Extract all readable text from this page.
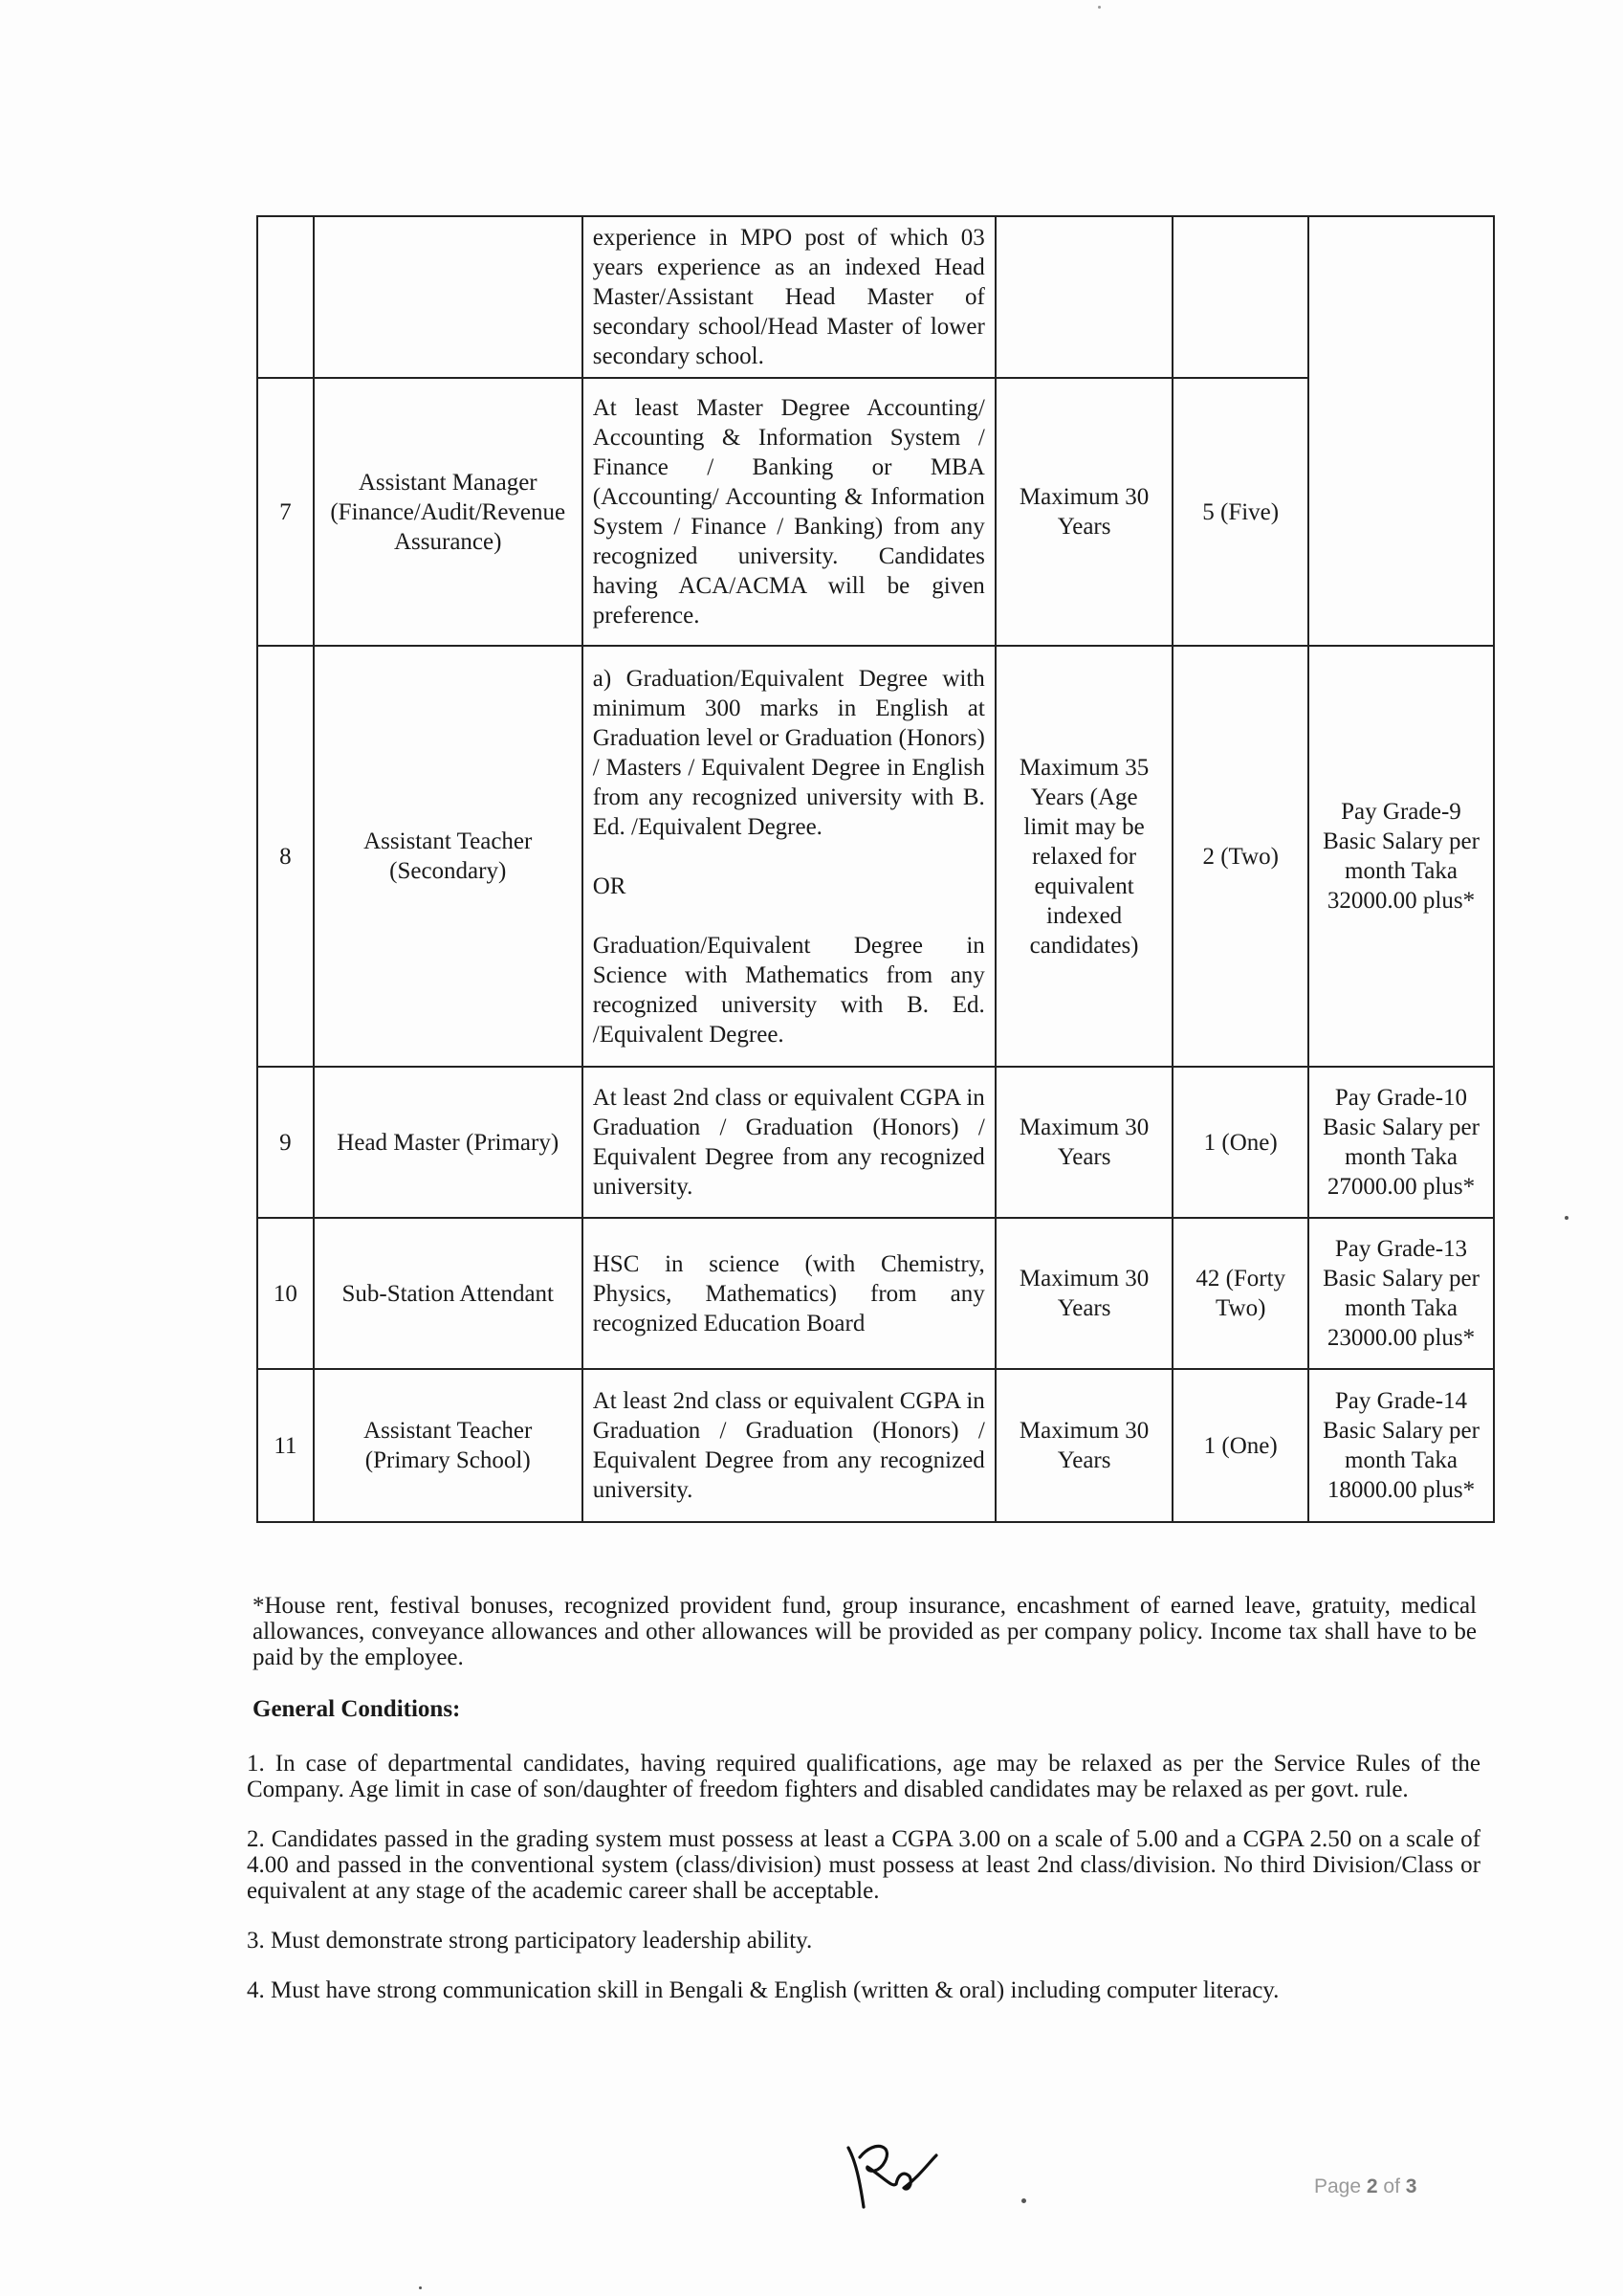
		experience in MPO post of which 03 years experience as an indexed Head Master/Assistant Head Master of secondary school/Head Master of lower secondary school.			
7	Assistant Manager (Finance/Audit/Revenue Assurance)	At least Master Degree Accounting/ Accounting & Information System / Finance / Banking or MBA (Accounting/ Accounting & Information System / Finance / Banking) from any recognized university. Candidates having ACA/ACMA will be given preference.	Maximum 30 Years	5 (Five)	
8	Assistant Teacher (Secondary)	a) Graduation/Equivalent Degree with minimum 300 marks in English at Graduation level or Graduation (Honors) / Masters / Equivalent Degree in English from any recognized university with B. Ed. /Equivalent Degree.

OR

Graduation/Equivalent Degree in Science with Mathematics from any recognized university with B. Ed. /Equivalent Degree.	Maximum 35 Years (Age limit may be relaxed for equivalent indexed candidates)	2 (Two)	Pay Grade-9 Basic Salary per month Taka 32000.00 plus*
9	Head Master (Primary)	At least 2nd class or equivalent CGPA in Graduation / Graduation (Honors) / Equivalent Degree from any recognized university.	Maximum 30 Years	1 (One)	Pay Grade-10 Basic Salary per month Taka 27000.00 plus*
10	Sub-Station Attendant	HSC in science (with Chemistry, Physics, Mathematics) from any recognized Education Board	Maximum 30 Years	42 (Forty Two)	Pay Grade-13 Basic Salary per month Taka 23000.00 plus*
11	Assistant Teacher (Primary School)	At least 2nd class or equivalent CGPA in Graduation / Graduation (Honors) / Equivalent Degree from any recognized university.	Maximum 30 Years	1 (One)	Pay Grade-14 Basic Salary per month Taka 18000.00 plus*

*House rent, festival bonuses, recognized provident fund, group insurance, encashment of earned leave, gratuity, medical allowances, conveyance allowances and other allowances will be provided as per company policy. Income tax shall have to be paid by the employee.

General Conditions:
1. In case of departmental candidates, having required qualifications, age may be relaxed as per the Service Rules of the Company. Age limit in case of son/daughter of freedom fighters and disabled candidates may be relaxed as per govt. rule.
2. Candidates passed in the grading system must possess at least a CGPA 3.00 on a scale of 5.00 and a CGPA 2.50 on a scale of 4.00 and passed in the conventional system (class/division) must possess at least 2nd class/division. No third Division/Class or equivalent at any stage of the academic career shall be acceptable.
3. Must demonstrate strong participatory leadership ability.
4. Must have strong communication skill in Bengali & English (written & oral) including computer literacy.
Page 2 of 3
